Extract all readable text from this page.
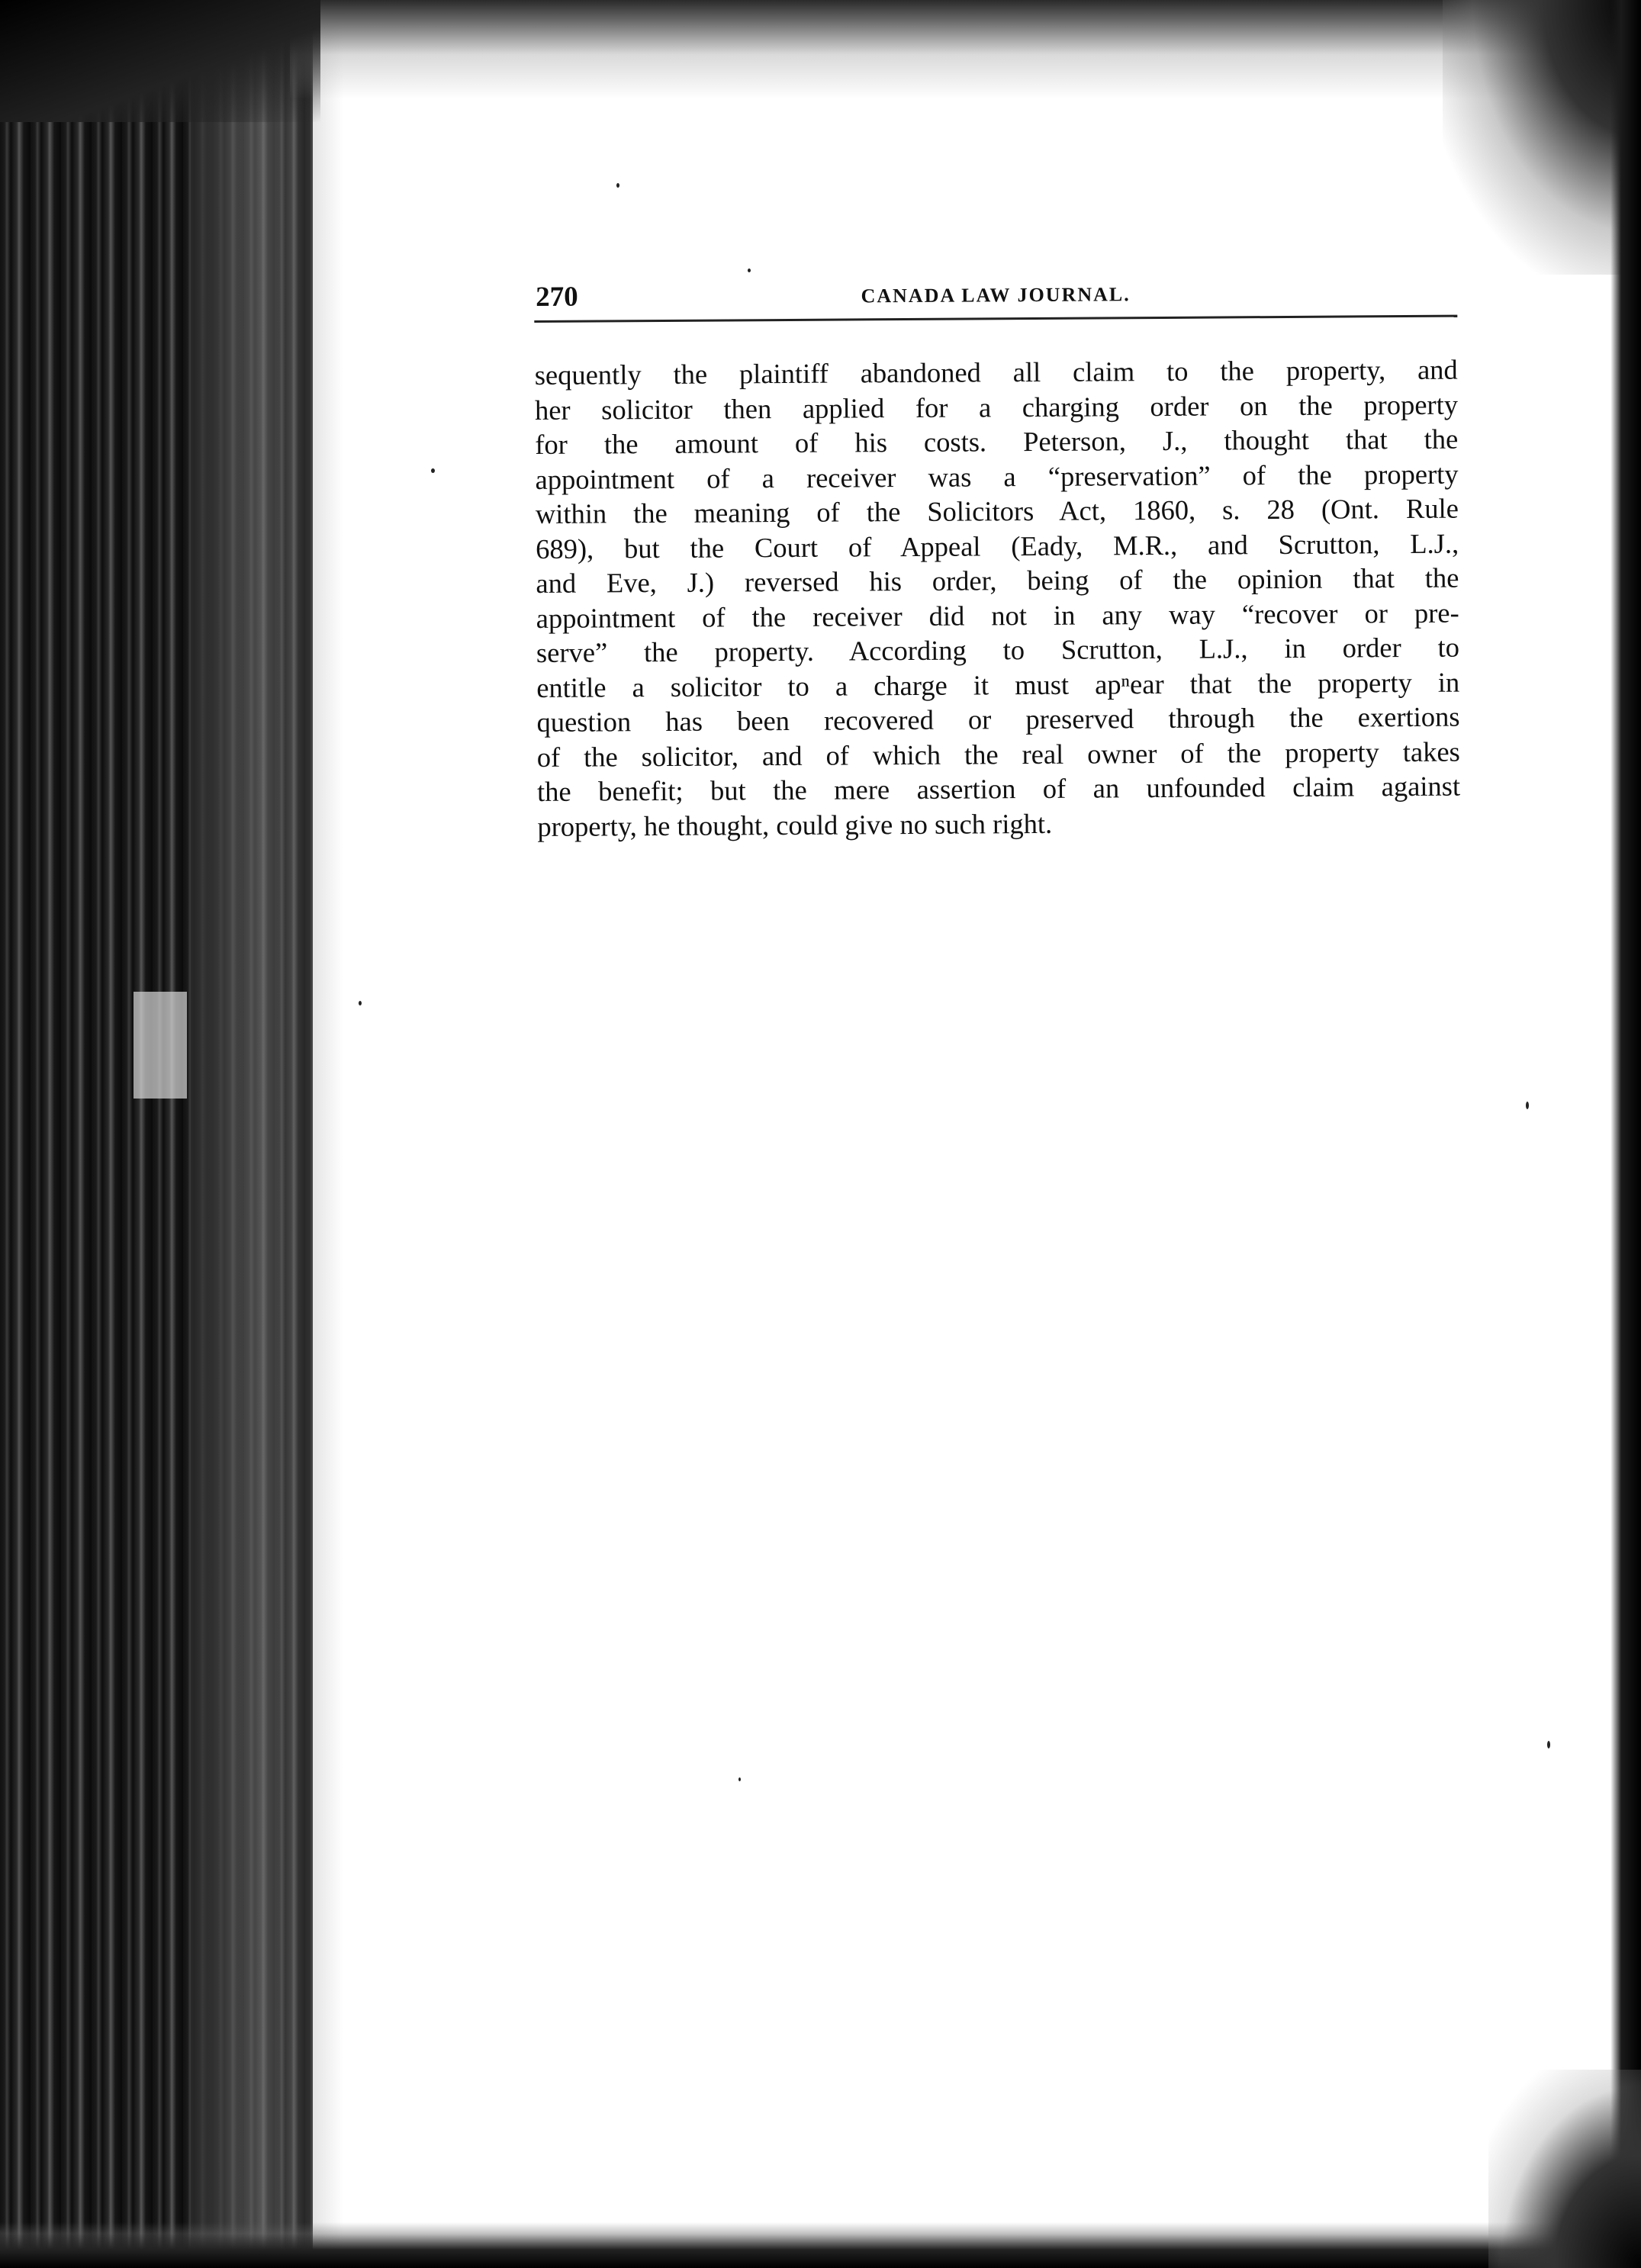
270	CANADA LAW JOURNAL.
sequently the plaintiff abandoned all claim to the property, and
her solicitor then applied for a charging order on the property
for the amount of his costs. Peterson, J., thought that the
appointment of a receiver was a “preservation” of the property
within the meaning of the Solicitors Act, 1860, s. 28 (Ont. Rule
689), but the Court of Appeal (Eady, M.R., and Scrutton, L.J.,
and Eve, J.) reversed his order, being of the opinion that the
appointment of the receiver did not in any way “recover or pre-
serve” the property. According to Scrutton, L.J., in order to
entitle a solicitor to a charge it must apⁿear that the property in
question has been recovered or preserved through the exertions
of the solicitor, and of which the real owner of the property takes
the benefit; but the mere assertion of an unfounded claim against
property, he thought, could give no such right.
